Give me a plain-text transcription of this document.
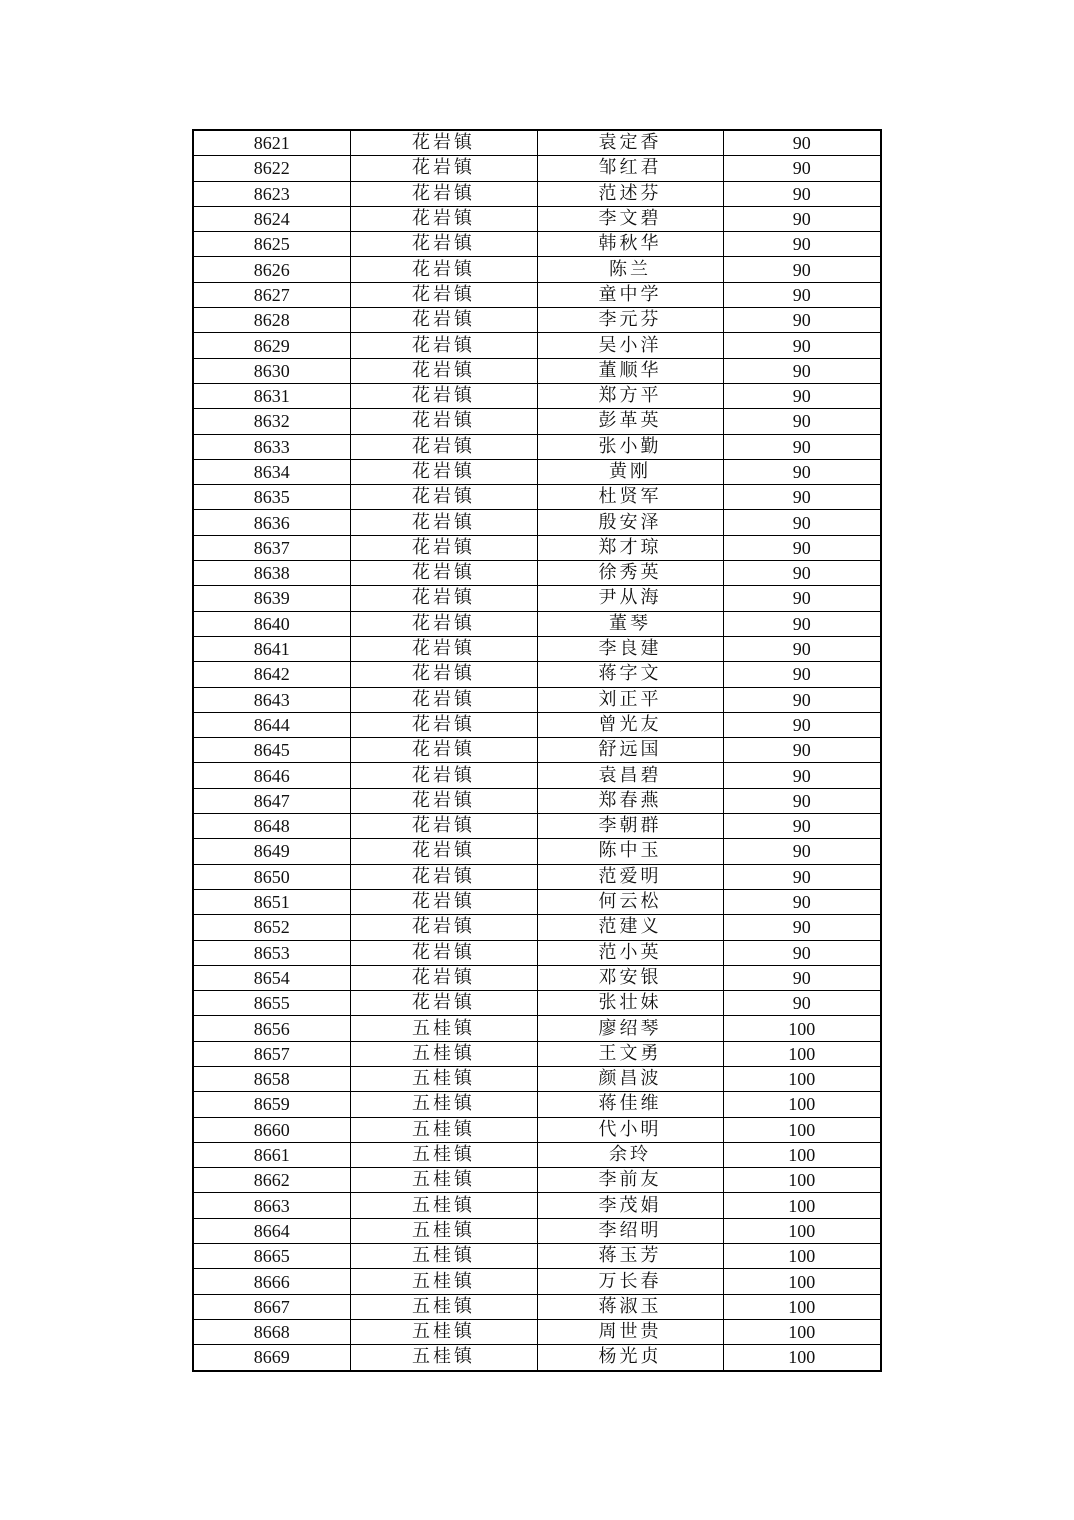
8621	花岩镇	袁定香	90
8622	花岩镇	邹红君	90
8623	花岩镇	范述芬	90
8624	花岩镇	李文碧	90
8625	花岩镇	韩秋华	90
8626	花岩镇	陈兰	90
8627	花岩镇	童中学	90
8628	花岩镇	李元芬	90
8629	花岩镇	吴小洋	90
8630	花岩镇	董顺华	90
8631	花岩镇	郑方平	90
8632	花岩镇	彭革英	90
8633	花岩镇	张小勤	90
8634	花岩镇	黄刚	90
8635	花岩镇	杜贤军	90
8636	花岩镇	殷安泽	90
8637	花岩镇	郑才琼	90
8638	花岩镇	徐秀英	90
8639	花岩镇	尹从海	90
8640	花岩镇	董琴	90
8641	花岩镇	李良建	90
8642	花岩镇	蒋字文	90
8643	花岩镇	刘正平	90
8644	花岩镇	曾光友	90
8645	花岩镇	舒远国	90
8646	花岩镇	袁昌碧	90
8647	花岩镇	郑春燕	90
8648	花岩镇	李朝群	90
8649	花岩镇	陈中玉	90
8650	花岩镇	范爱明	90
8651	花岩镇	何云松	90
8652	花岩镇	范建义	90
8653	花岩镇	范小英	90
8654	花岩镇	邓安银	90
8655	花岩镇	张壮妹	90
8656	五桂镇	廖绍琴	100
8657	五桂镇	王文勇	100
8658	五桂镇	颜昌波	100
8659	五桂镇	蒋佳维	100
8660	五桂镇	代小明	100
8661	五桂镇	余玲	100
8662	五桂镇	李前友	100
8663	五桂镇	李茂娟	100
8664	五桂镇	李绍明	100
8665	五桂镇	蒋玉芳	100
8666	五桂镇	万长春	100
8667	五桂镇	蒋淑玉	100
8668	五桂镇	周世贵	100
8669	五桂镇	杨光贞	100
